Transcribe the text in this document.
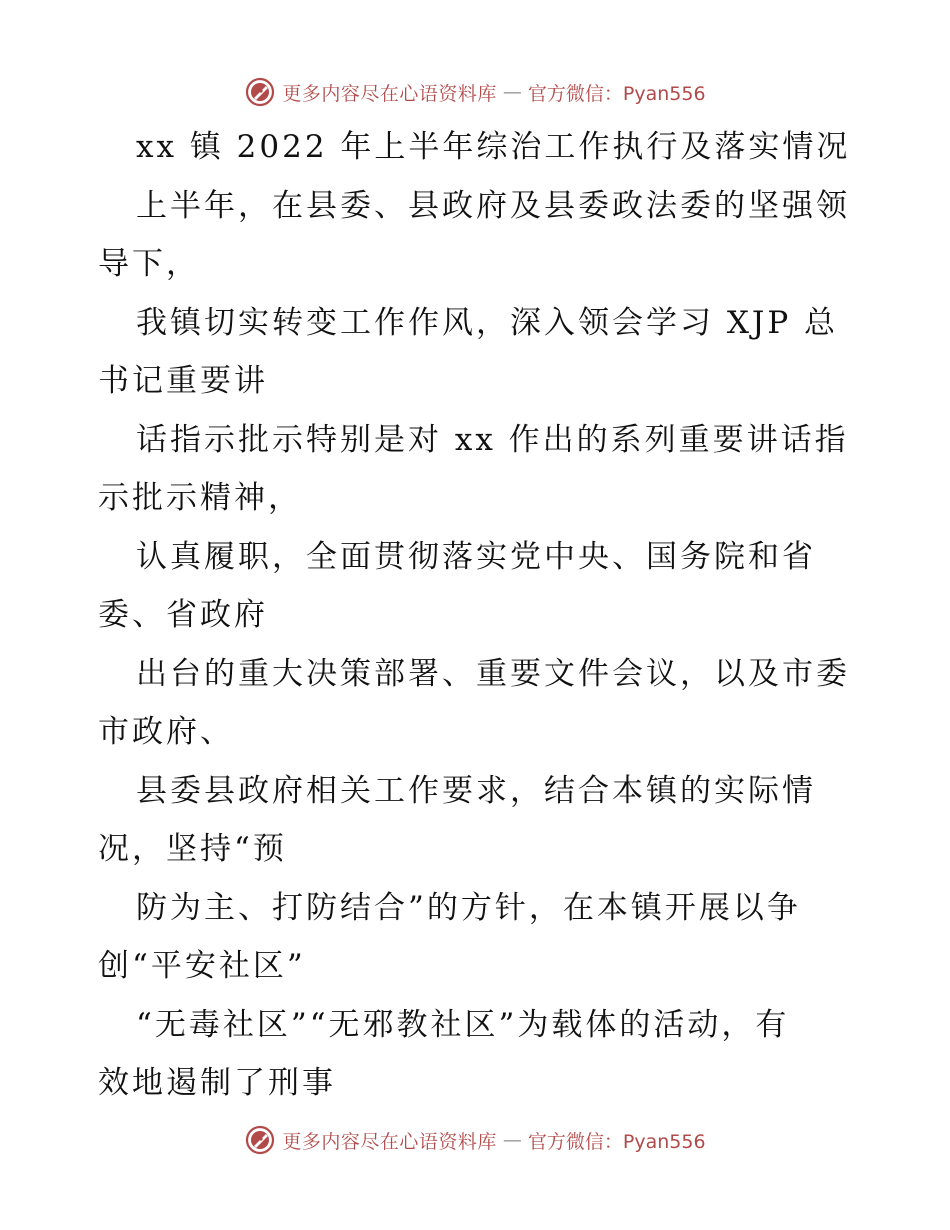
更多内容尽在心语资料库 — 官方微信：Pyan556
xx 镇 2022 年上半年综治工作执行及落实情况
上半年，在县委、县政府及县委政法委的坚强领
导下，
我镇切实转变工作作风，深入领会学习 XJP 总
书记重要讲
话指示批示特别是对 xx 作出的系列重要讲话指
示批示精神，
认真履职，全面贯彻落实党中央、国务院和省
委、省政府
出台的重大决策部署、重要文件会议，以及市委
市政府、
县委县政府相关工作要求，结合本镇的实际情
况，坚持“预
防为主、打防结合”的方针，在本镇开展以争
创“平安社区”
“无毒社区”“无邪教社区”为载体的活动，有
效地遏制了刑事
更多内容尽在心语资料库 — 官方微信：Pyan556
